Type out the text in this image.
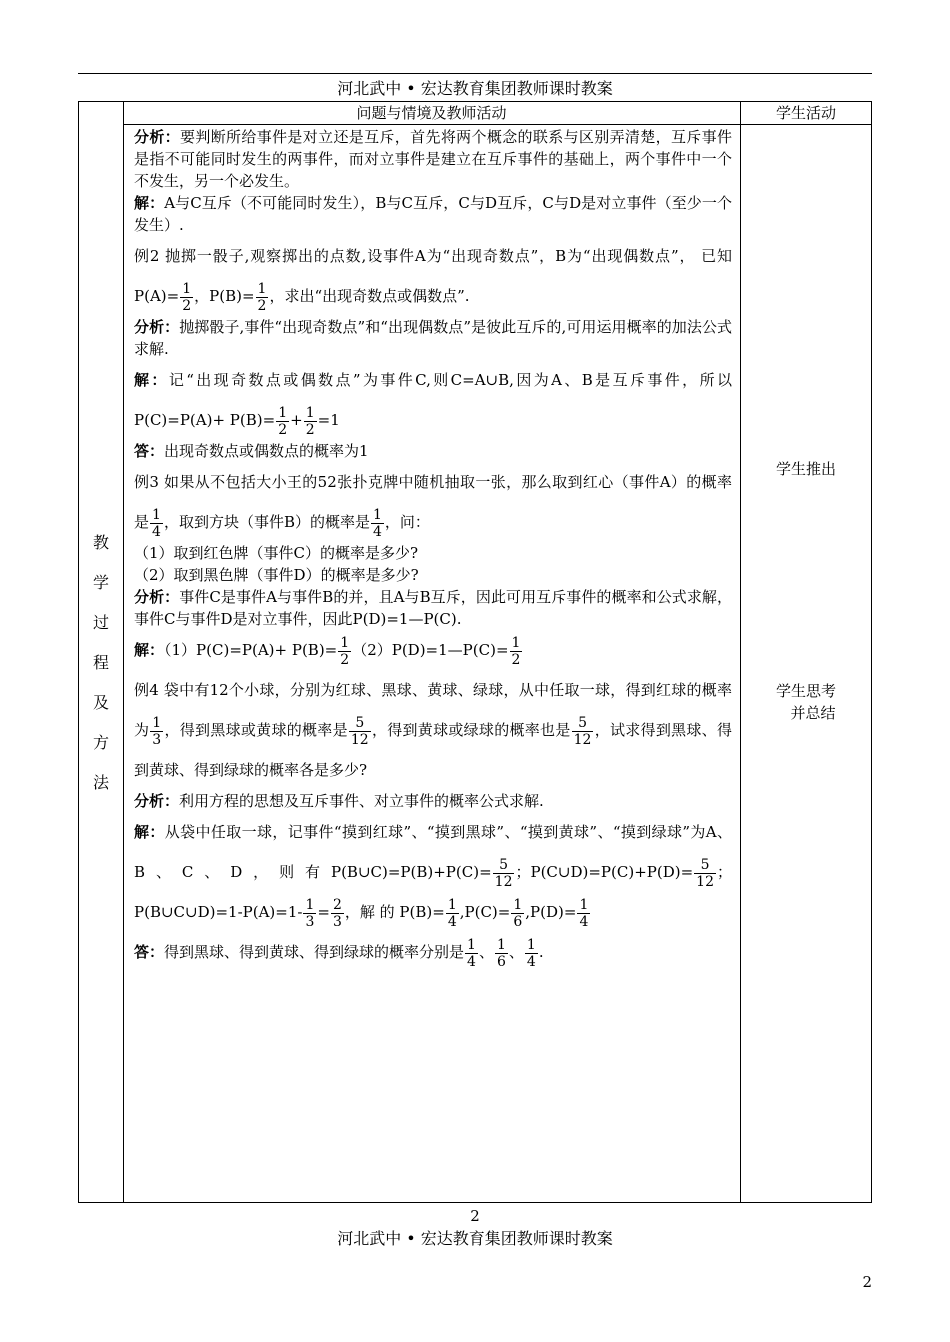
河北武中 • 宏达教育集团教师课时教案
问题与情境及教师活动	学生活动
教
学
过
程
及
方
法

分析：要判断所给事件是对立还是互斥，首先将两个概念的联系与区别弄清楚，互斥事件是指不可能同时发生的两事件，而对立事件是建立在互斥事件的基础上，两个事件中一个不发生，另一个必发生。

解：A与C互斥（不可能同时发生），B与C互斥，C与D互斥，C与D是对立事件（至少一个发生）.

例2 抛掷一骰子,观察掷出的点数,设事件A为“出现奇数点”，B为“出现偶数点”， 已知$P(A)= \frac{1}{2}$ ，$P(B)= \frac{1}{2}$ ，求出“出现奇数点或偶数点”.

分析：抛掷骰子,事件“出现奇数点”和“出现偶数点”是彼此互斥的,可用运用概率的加法公式求解.

解：记“出现奇数点或偶数点”为事件C,则C=A∪B,因为A、B是互斥事件，所以$P(C)=P(A)+ P(B)= \frac{1}{2} + \frac{1}{2} =1$

答：出现奇数点或偶数点的概率为1

例3 如果从不包括大小王的52张扑克牌中随机抽取一张，那么取到红心（事件A）的概率是 $\frac{1}{4}$ ，取到方块（事件B）的概率是 $\frac{1}{4}$ ，问：

（1）取到红色牌（事件C）的概率是多少?

（2）取到黑色牌（事件D）的概率是多少?

分析：事件C是事件A与事件B的并，且A与B互斥，因此可用互斥事件的概率和公式求解，事件C与事件D是对立事件，因此P(D)=1—P(C).

解：$(1)P(C)=P(A)+ P(B)= \frac{1}{2}$ （2）P(D)=1—P(C)= $\frac{1}{2}$

例4 袋中有12个小球，分别为红球、黑球、黄球、绿球，从中任取一球，得到红球的概率为 $\frac{1}{3}$ ，得到黑球或黄球的概率是 $\frac{5}{12}$ ，得到黄球或绿球的概率也是 $\frac{5}{12}$ ，试求得到黑球、得到黄球、得到绿球的概率各是多少?

分析：利用方程的思想及互斥事件、对立事件的概率公式求解.

解：从袋中任取一球，记事件“摸到红球”、“摸到黑球”、“摸到黄球”、“摸到绿球”为A、B、C、D，则有P(B∪C)=P(B)+P(C)= $\frac{5}{12}$ ；P(C∪D)=P(C)+P(D)= $\frac{5}{12}$ ； P(B∪C∪D)=1-P(A)=1- $\frac{1}{3} = \frac{2}{3}$ ，解 的 $P(B)= \frac{1}{4} ,P(C)= \frac{1}{6} ,P(D)= \frac{1}{4}$

答：得到黑球、得到黄球、得到绿球的概率分别是 $\frac{1}{4}$ 、 $\frac{1}{6}$ 、 $\frac{1}{4}$ .

学生推出
学生思考
并总结
2
河北武中 • 宏达教育集团教师课时教案
2
